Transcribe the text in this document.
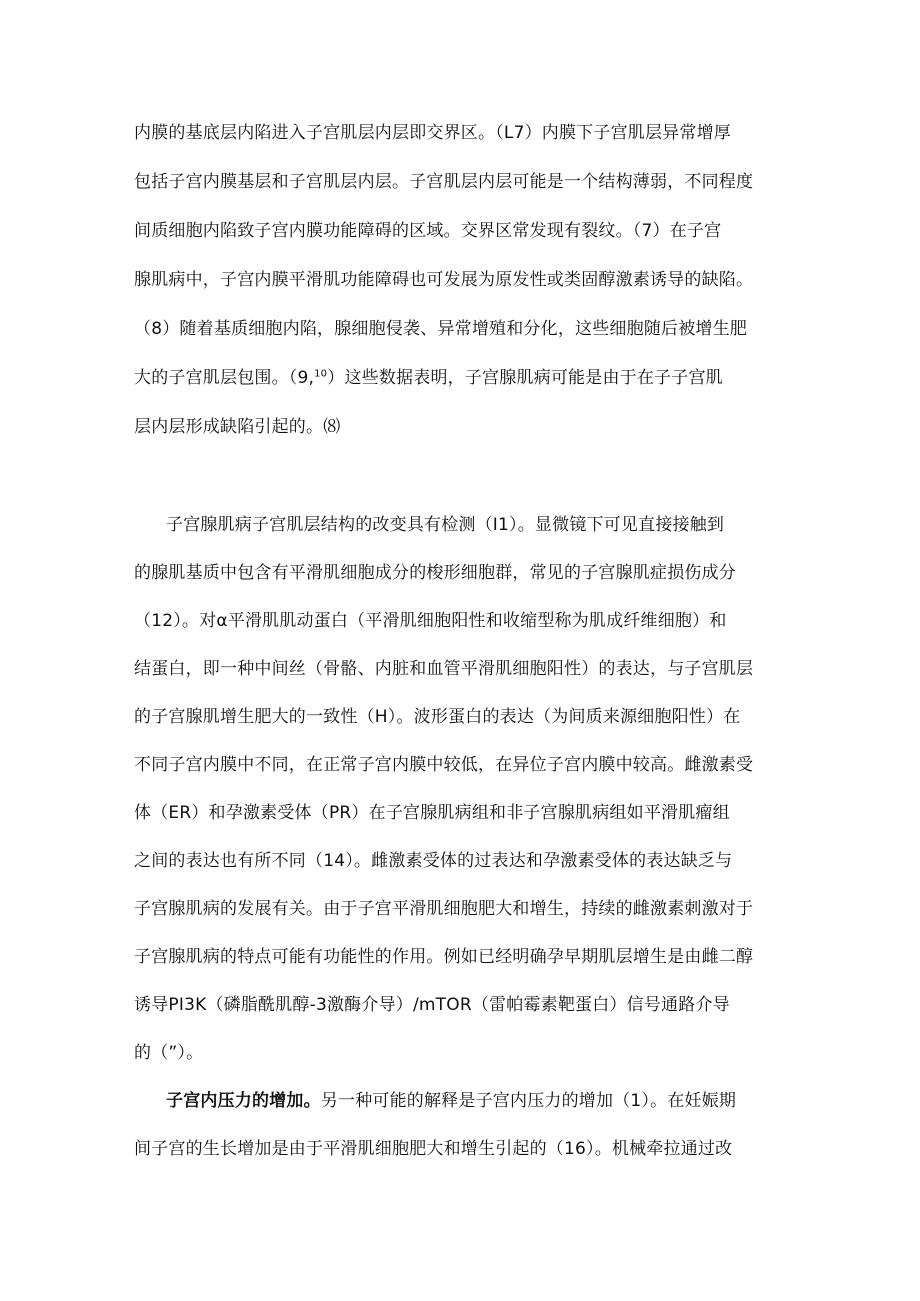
内膜的基底层内陷进入子宫肌层内层即交界区。（L7）内膜下子宫肌层异常增厚
包括子宫内膜基层和子宫肌层内层。子宫肌层内层可能是一个结构薄弱，不同程度
间质细胞内陷致子宫内膜功能障碍的区域。交界区常发现有裂纹。（7）在子宫
腺肌病中，子宫内膜平滑肌功能障碍也可发展为原发性或类固醇激素诱导的缺陷。
（8）随着基质细胞内陷，腺细胞侵袭、异常增殖和分化，这些细胞随后被增生肥
大的子宫肌层包围。（9,10）这些数据表明，子宫腺肌病可能是由于在子子宫肌
层内层形成缺陷引起的。⑻
子宫腺肌病子宫肌层结构的改变具有检测（I1）。显微镜下可见直接接触到
的腺肌基质中包含有平滑肌细胞成分的梭形细胞群，常见的子宫腺肌症损伤成分
（12）。对α平滑肌肌动蛋白（平滑肌细胞阳性和收缩型称为肌成纤维细胞）和
结蛋白，即一种中间丝（骨骼、内脏和血管平滑肌细胞阳性）的表达，与子宫肌层
的子宫腺肌增生肥大的一致性（H）。波形蛋白的表达（为间质来源细胞阳性）在
不同子宫内膜中不同，在正常子宫内膜中较低，在异位子宫内膜中较高。雌激素受
体（ER）和孕激素受体（PR）在子宫腺肌病组和非子宫腺肌病组如平滑肌瘤组
之间的表达也有所不同（14）。雌激素受体的过表达和孕激素受体的表达缺乏与
子宫腺肌病的发展有关。由于子宫平滑肌细胞肥大和增生，持续的雌激素刺激对于
子宫腺肌病的特点可能有功能性的作用。例如已经明确孕早期肌层增生是由雌二醇
诱导PI3K（磷脂酰肌醇-3激酶介导）/mTOR（雷帕霉素靶蛋白）信号通路介导
的（”）。
子宫内压力的增加。另一种可能的解释是子宫内压力的增加（1）。在妊娠期
间子宫的生长增加是由于平滑肌细胞肥大和增生引起的（16）。机械牵拉通过改
